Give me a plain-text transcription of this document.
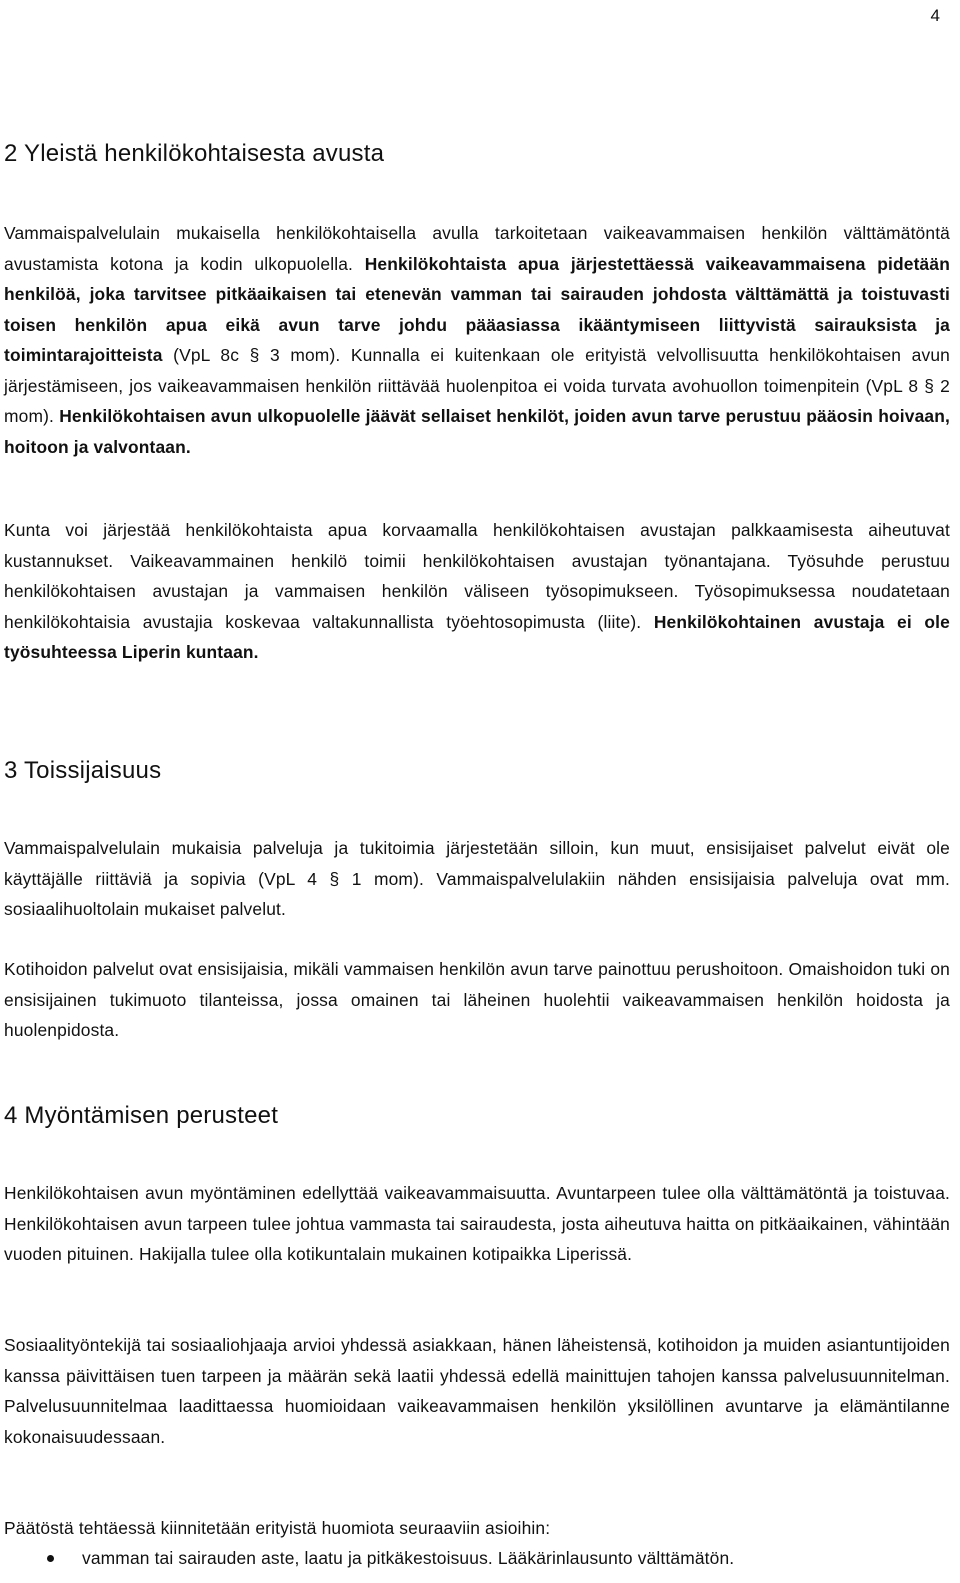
4
2 Yleistä henkilökohtaisesta avusta

Vammaispalvelulain mukaisella henkilökohtaisella avulla tarkoitetaan vaikeavammaisen henkilön välttämätöntä avustamista kotona ja kodin ulkopuolella. Henkilökohtaista apua järjestettäessä vaikeavammaisena pidetään henkilöä, joka tarvitsee pitkäaikaisen tai etenevän vamman tai sairauden johdosta välttämättä ja toistuvasti toisen henkilön apua eikä avun tarve johdu pääasiassa ikääntymiseen liittyvistä sairauksista ja toimintarajoitteista (VpL 8c § 3 mom). Kunnalla ei kuitenkaan ole erityistä velvollisuutta henkilökohtaisen avun järjestämiseen, jos vaikeavammaisen henkilön riittävää huolenpitoa ei voida turvata avohuollon toimenpitein (VpL 8 § 2 mom). Henkilökohtaisen avun ulkopuolelle jäävät sellaiset henkilöt, joiden avun tarve perustuu pääosin hoivaan, hoitoon ja valvontaan.

Kunta voi järjestää henkilökohtaista apua korvaamalla henkilökohtaisen avustajan palkkaamisesta aiheutuvat kustannukset. Vaikeavammainen henkilö toimii henkilökohtaisen avustajan työnantajana. Työsuhde perustuu henkilökohtaisen avustajan ja vammaisen henkilön väliseen työsopimukseen. Työsopimuksessa noudatetaan henkilökohtaisia avustajia koskevaa valtakunnallista työehtosopimusta (liite). Henkilökohtainen avustaja ei ole työsuhteessa Liperin kuntaan.

3 Toissijaisuus

Vammaispalvelulain mukaisia palveluja ja tukitoimia järjestetään silloin, kun muut, ensisijaiset palvelut eivät ole käyttäjälle riittäviä ja sopivia (VpL 4 § 1 mom). Vammaispalvelulakiin nähden ensisijaisia palveluja ovat mm. sosiaalihuoltolain mukaiset palvelut.

Kotihoidon palvelut ovat ensisijaisia, mikäli vammaisen henkilön avun tarve painottuu perushoitoon. Omaishoidon tuki on ensisijainen tukimuoto tilanteissa, jossa omainen tai läheinen huolehtii vaikeavammaisen henkilön hoidosta ja huolenpidosta.

4 Myöntämisen perusteet

Henkilökohtaisen avun myöntäminen edellyttää vaikeavammaisuutta. Avuntarpeen tulee olla välttämätöntä ja toistuvaa. Henkilökohtaisen avun tarpeen tulee johtua vammasta tai sairaudesta, josta aiheutuva haitta on pitkäaikainen, vähintään vuoden pituinen. Hakijalla tulee olla kotikuntalain mukainen kotipaikka Liperissä.

Sosiaalityöntekijä tai sosiaaliohjaaja arvioi yhdessä asiakkaan, hänen läheistensä, kotihoidon ja muiden asiantuntijoiden kanssa päivittäisen tuen tarpeen ja määrän sekä laatii yhdessä edellä mainittujen tahojen kanssa palvelusuunnitelman. Palvelusuunnitelmaa laadittaessa huomioidaan vaikeavammaisen henkilön yksilöllinen avuntarve ja elämäntilanne kokonaisuudessaan.

Päätöstä tehtäessä kiinnitetään erityistä huomiota seuraaviin asioihin:

vamman tai sairauden aste, laatu ja pitkäkestoisuus. Lääkärinlausunto välttämätön.
